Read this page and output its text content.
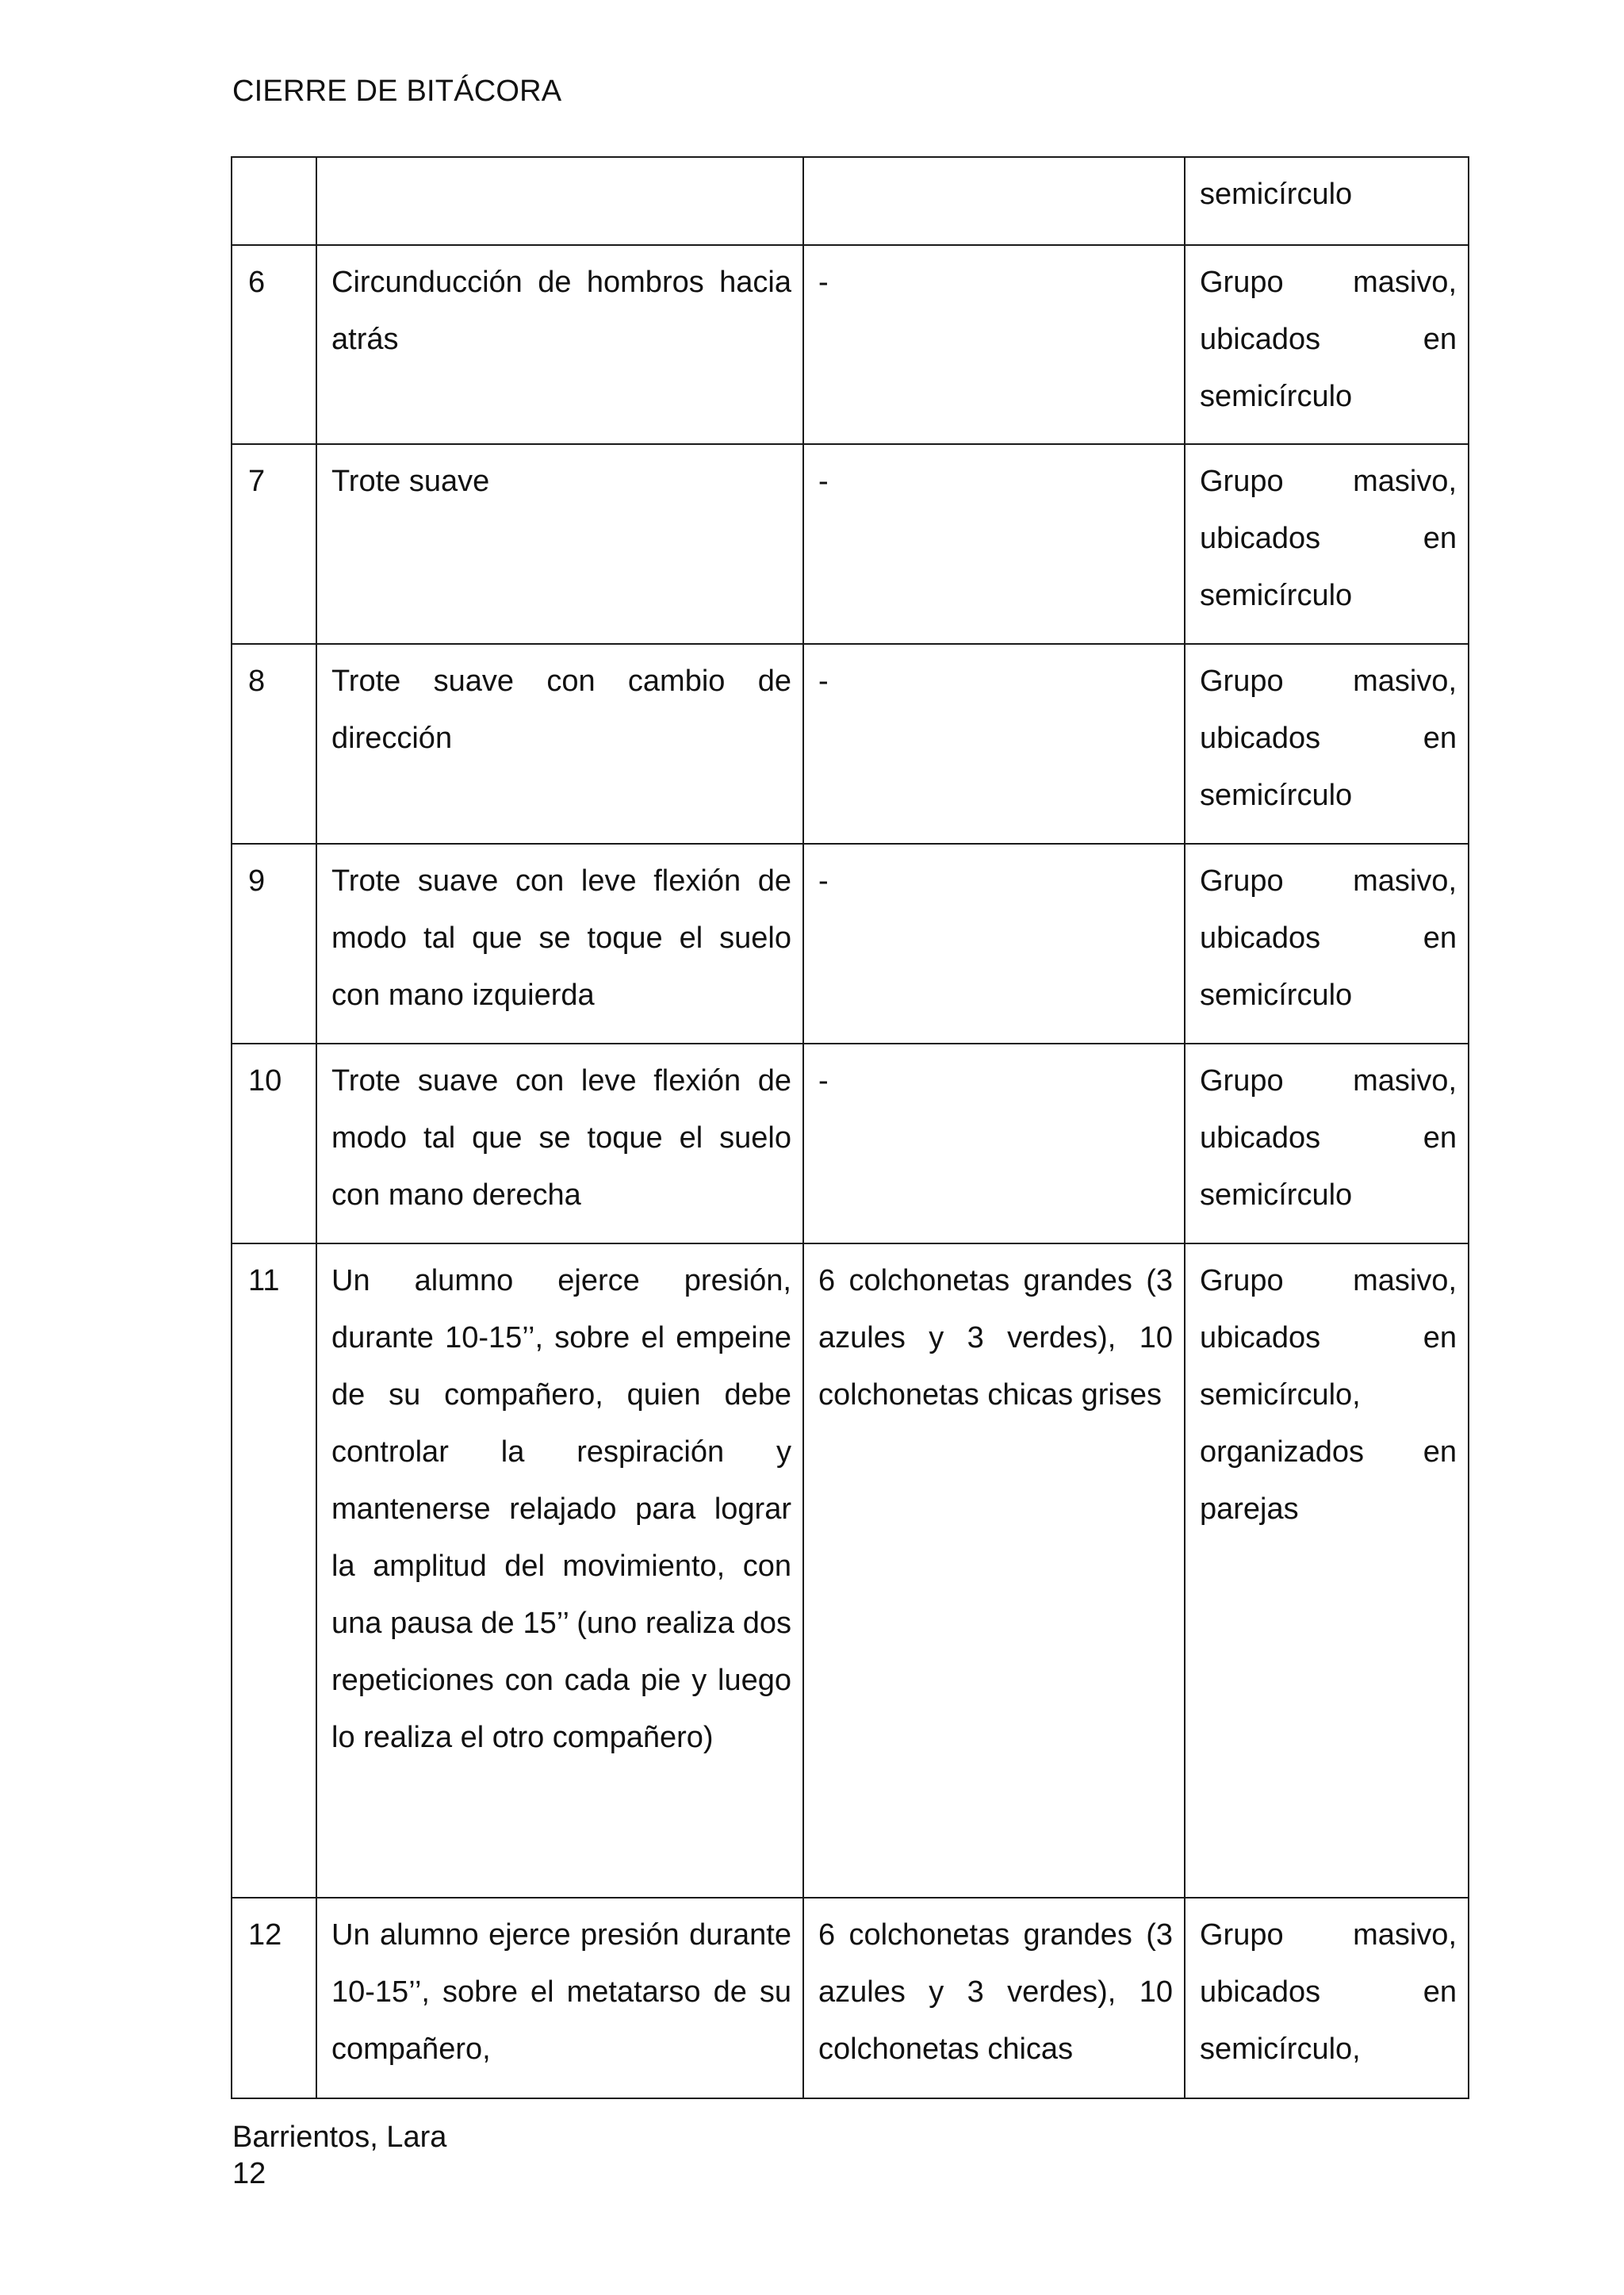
CIERRE DE BITÁCORA
			semicírculo
6	Circunducción de hombros hacia atrás	-	Grupo masivo, ubicados en semicírculo
7	Trote suave	-	Grupo masivo, ubicados en semicírculo
8	Trote suave con cambio de dirección	-	Grupo masivo, ubicados en semicírculo
9	Trote suave con leve flexión de modo tal que se toque el suelo con mano izquierda	-	Grupo masivo, ubicados en semicírculo
10	Trote suave con leve flexión de modo tal que se toque el suelo con mano derecha	-	Grupo masivo, ubicados en semicírculo
11	Un alumno ejerce presión, durante 10-15’’, sobre el empeine de su compañero, quien debe controlar la respiración y mantenerse relajado para lograr la amplitud del movimiento, con una pausa de 15’’ (uno realiza dos repeticiones con cada pie y luego lo realiza el otro compañero)	6 colchonetas grandes (3 azules y 3 verdes), 10 colchonetas chicas grises	Grupo masivo, ubicados en semicírculo, organizados en parejas
12	Un alumno ejerce presión durante 10-15’’, sobre el metatarso de su compañero,	6 colchonetas grandes (3 azules y 3 verdes), 10 colchonetas chicas	Grupo masivo, ubicados en semicírculo,
Barrientos, Lara
12
